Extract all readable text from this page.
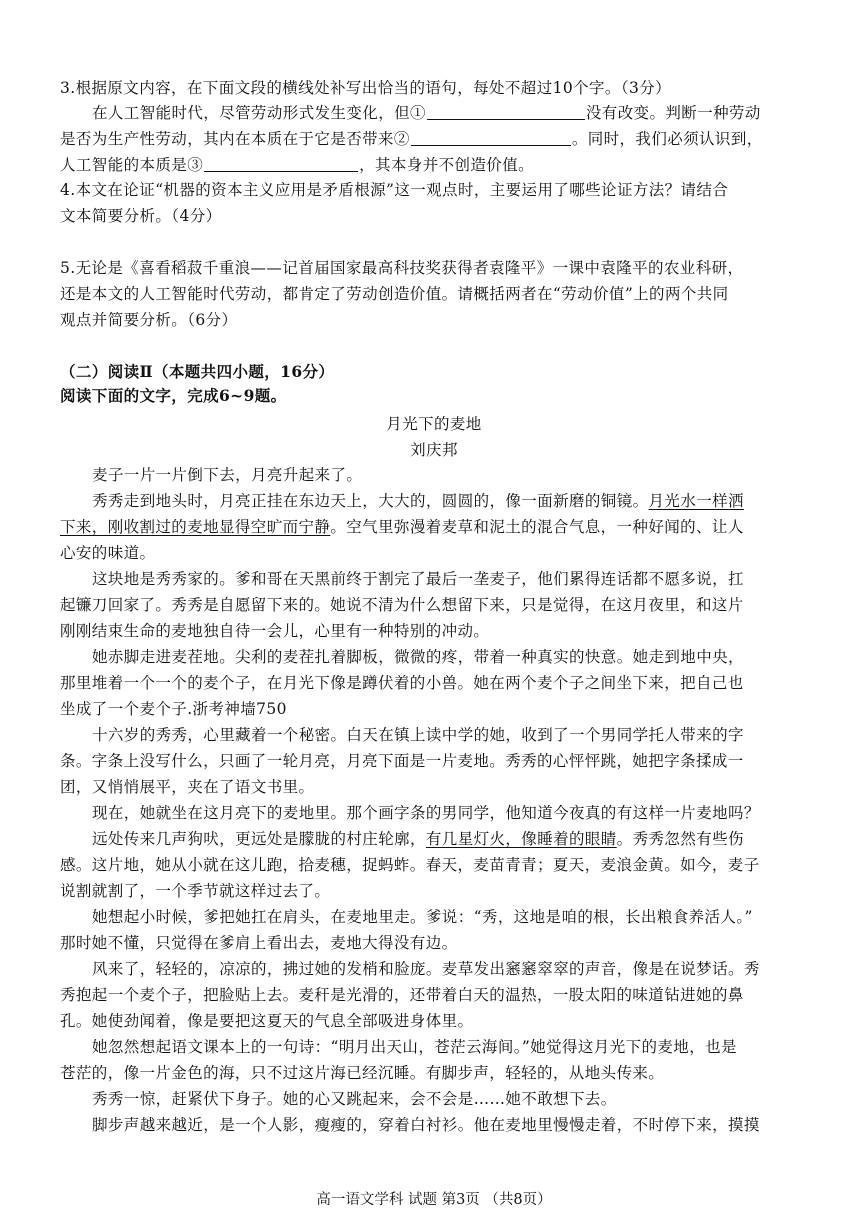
3.根据原文内容，在下面文段的横线处补写出恰当的语句，每处不超过10个字。（3分）
在人工智能时代，尽管劳动形式发生变化，但①	没有改变。判断一种劳动
是否为生产性劳动，其内在本质在于它是否带来②	。同时，我们必须认识到，
人工智能的本质是③	，其本身并不创造价值。
4.本文在论证“机器的资本主义应用是矛盾根源”这一观点时，主要运用了哪些论证方法？请结合
文本简要分析。（4分）
5.无论是《喜看稻菽千重浪——记首届国家最高科技奖获得者袁隆平》一课中袁隆平的农业科研，
还是本文的人工智能时代劳动，都肯定了劳动创造价值。请概括两者在“劳动价值”上的两个共同
观点并简要分析。（6分）
（二）阅读Ⅱ（本题共四小题，16分）
阅读下面的文字，完成6~9题。
月光下的麦地
刘庆邦
麦子一片一片倒下去，月亮升起来了。
秀秀走到地头时，月亮正挂在东边天上，大大的，圆圆的，像一面新磨的铜镜。月光水一样洒
下来，刚收割过的麦地显得空旷而宁静。空气里弥漫着麦草和泥土的混合气息，一种好闻的、让人
心安的味道。
这块地是秀秀家的。爹和哥在天黑前终于割完了最后一垄麦子，他们累得连话都不愿多说，扛
起镰刀回家了。秀秀是自愿留下来的。她说不清为什么想留下来，只是觉得，在这月夜里，和这片
刚刚结束生命的麦地独自待一会儿，心里有一种特别的冲动。
她赤脚走进麦茬地。尖利的麦茬扎着脚板，微微的疼，带着一种真实的快意。她走到地中央，
那里堆着一个一个的麦个子，在月光下像是蹲伏着的小兽。她在两个麦个子之间坐下来，把自己也
坐成了一个麦个子.浙考神墙750
十六岁的秀秀，心里藏着一个秘密。白天在镇上读中学的她，收到了一个男同学托人带来的字
条。字条上没写什么，只画了一轮月亮，月亮下面是一片麦地。秀秀的心怦怦跳，她把字条揉成一
团，又悄悄展平，夹在了语文书里。
现在，她就坐在这月亮下的麦地里。那个画字条的男同学，他知道今夜真的有这样一片麦地吗？
远处传来几声狗吠，更远处是朦胧的村庄轮廓，有几星灯火，像睡着的眼睛。秀秀忽然有些伤
感。这片地，她从小就在这儿跑，拾麦穗，捉蚂蚱。春天，麦苗青青；夏天，麦浪金黄。如今，麦子
说割就割了，一个季节就这样过去了。
她想起小时候，爹把她扛在肩头，在麦地里走。爹说：“秀，这地是咱的根，长出粮食养活人。”
那时她不懂，只觉得在爹肩上看出去，麦地大得没有边。
风来了，轻轻的，凉凉的，拂过她的发梢和脸庞。麦草发出窸窸窣窣的声音，像是在说梦话。秀
秀抱起一个麦个子，把脸贴上去。麦秆是光滑的，还带着白天的温热，一股太阳的味道钻进她的鼻
孔。她使劲闻着，像是要把这夏天的气息全部吸进身体里。
她忽然想起语文课本上的一句诗：“明月出天山，苍茫云海间。”她觉得这月光下的麦地，也是
苍茫的，像一片金色的海，只不过这片海已经沉睡。有脚步声，轻轻的，从地头传来。
秀秀一惊，赶紧伏下身子。她的心又跳起来，会不会是……她不敢想下去。
脚步声越来越近，是一个人影，瘦瘦的，穿着白衬衫。他在麦地里慢慢走着，不时停下来，摸摸
高一语文学科 试题 第3页 （共8页）
